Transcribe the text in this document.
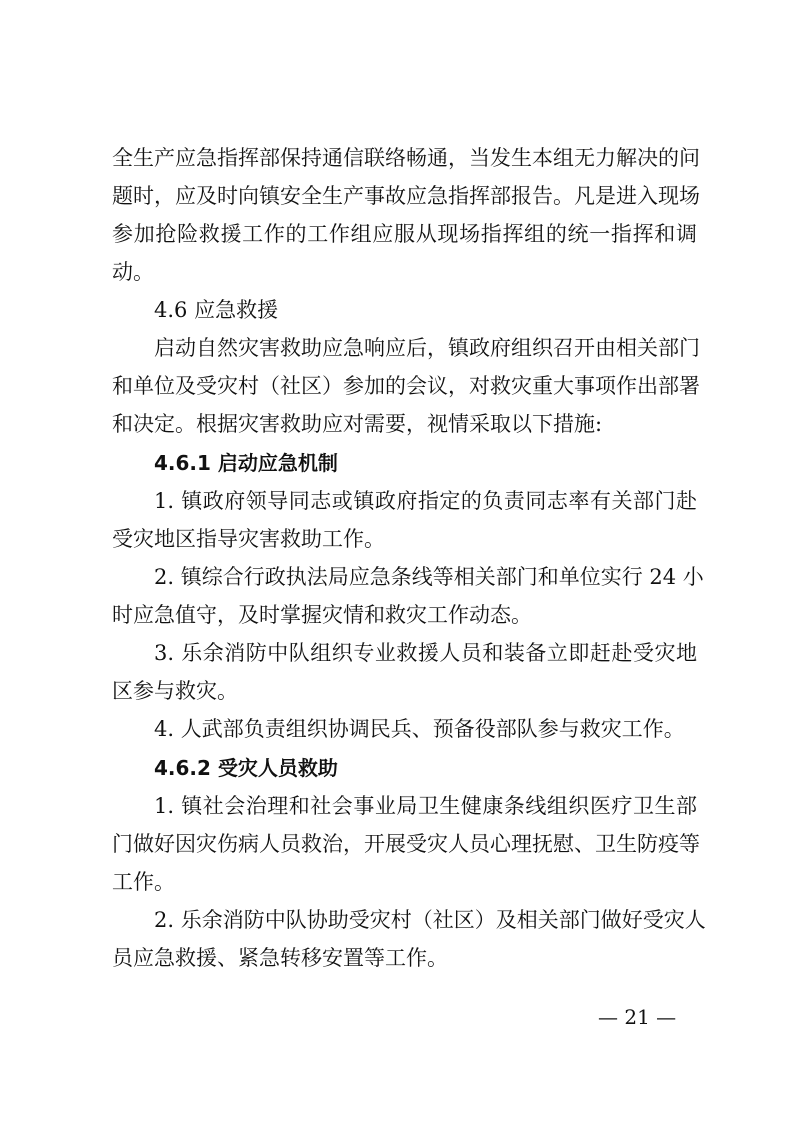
全生产应急指挥部保持通信联络畅通，当发生本组无力解决的问
题时，应及时向镇安全生产事故应急指挥部报告。凡是进入现场
参加抢险救援工作的工作组应服从现场指挥组的统一指挥和调
动。
4.6 应急救援
启动自然灾害救助应急响应后，镇政府组织召开由相关部门
和单位及受灾村（社区）参加的会议，对救灾重大事项作出部署
和决定。根据灾害救助应对需要，视情采取以下措施:
4.6.1 启动应急机制
1. 镇政府领导同志或镇政府指定的负责同志率有关部门赴
受灾地区指导灾害救助工作。
2. 镇综合行政执法局应急条线等相关部门和单位实行 24 小
时应急值守，及时掌握灾情和救灾工作动态。
3. 乐余消防中队组织专业救援人员和装备立即赶赴受灾地
区参与救灾。
4. 人武部负责组织协调民兵、预备役部队参与救灾工作。
4.6.2 受灾人员救助
1. 镇社会治理和社会事业局卫生健康条线组织医疗卫生部
门做好因灾伤病人员救治，开展受灾人员心理抚慰、卫生防疫等
工作。
2. 乐余消防中队协助受灾村（社区）及相关部门做好受灾人
员应急救援、紧急转移安置等工作。
— 21 —
